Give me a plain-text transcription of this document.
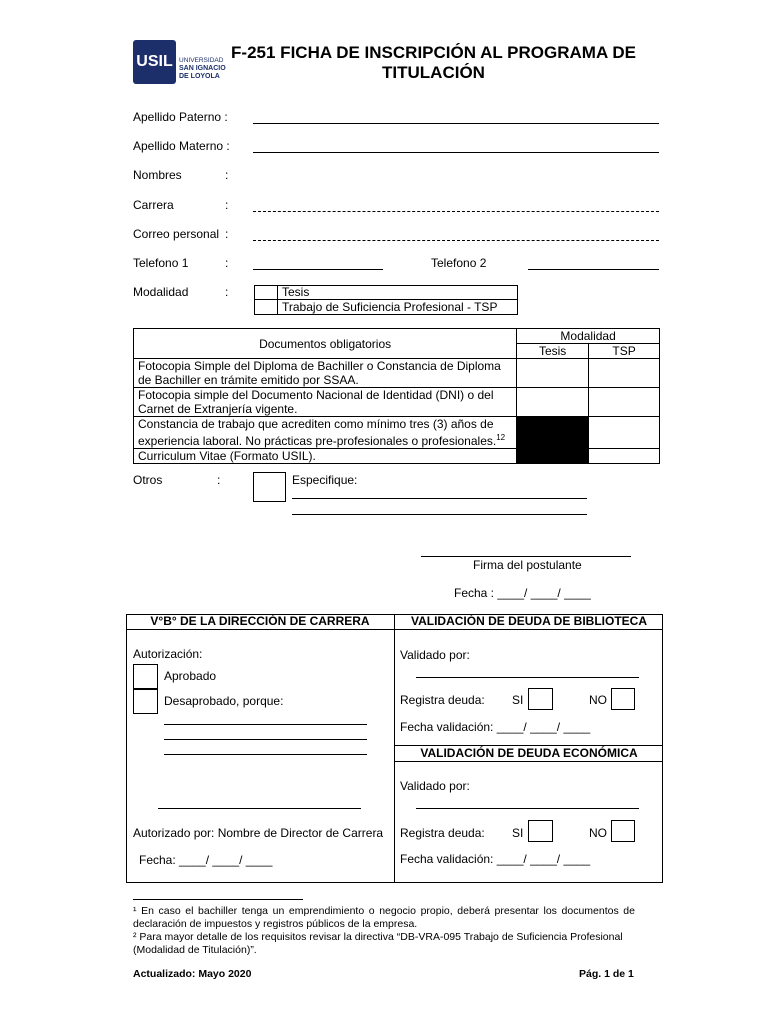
USIL UNIVERSIDAD
SAN IGNACIO
DE LOYOLA
F-251 FICHA DE INSCRIPCIÓN AL PROGRAMA DE
TITULACIÓN
Apellido Paterno :
Apellido Materno :
Nombres	:
Carrera	:
Correo personal :
Telefono 1	:	Telefono 2
Modalidad	:	Tesis
Trabajo de Suficiencia Profesional - TSP
Documentos obligatorios	Modalidad	
	Tesis	TSP
Fotocopia Simple del Diploma de Bachiller o Constancia de Diploma de Bachiller en trámite emitido por SSAA.		
Fotocopia simple del Documento Nacional de Identidad (DNI) o del Carnet de Extranjería vigente.		
Constancia de trabajo que acrediten como mínimo tres (3) años de experiencia laboral. No prácticas pre-profesionales o profesionales.$^{12}$		
Curriculum Vitae (Formato USIL).		
Otros	:	Especifique:
Firma del postulante
Fecha : ____/ ____/ ____
V°B° DE LA DIRECCIÓN DE CARRERA	VALIDACIÓN DE DEUDA DE BIBLIOTECA
Autorización:
Aprobado
Desaprobado, porque:
Autorizado por: Nombre de Director de Carrera
Fecha: ____/ ____/ ____
Validado por:
Registra deuda: SI	NO
Fecha validación: ____/ ____/ ____
VALIDACIÓN DE DEUDA ECONÓMICA
Validado por:
Registra deuda: SI	NO
Fecha validación: ____/ ____/ ____
¹ En caso el bachiller tenga un emprendimiento o negocio propio, deberá presentar los documentos de declaración de impuestos y registros públicos de la empresa.
² Para mayor detalle de los requisitos revisar la directiva “DB-VRA-095 Trabajo de Suficiencia Profesional (Modalidad de Titulación)”.
Actualizado: Mayo 2020	Pág. 1 de 1
